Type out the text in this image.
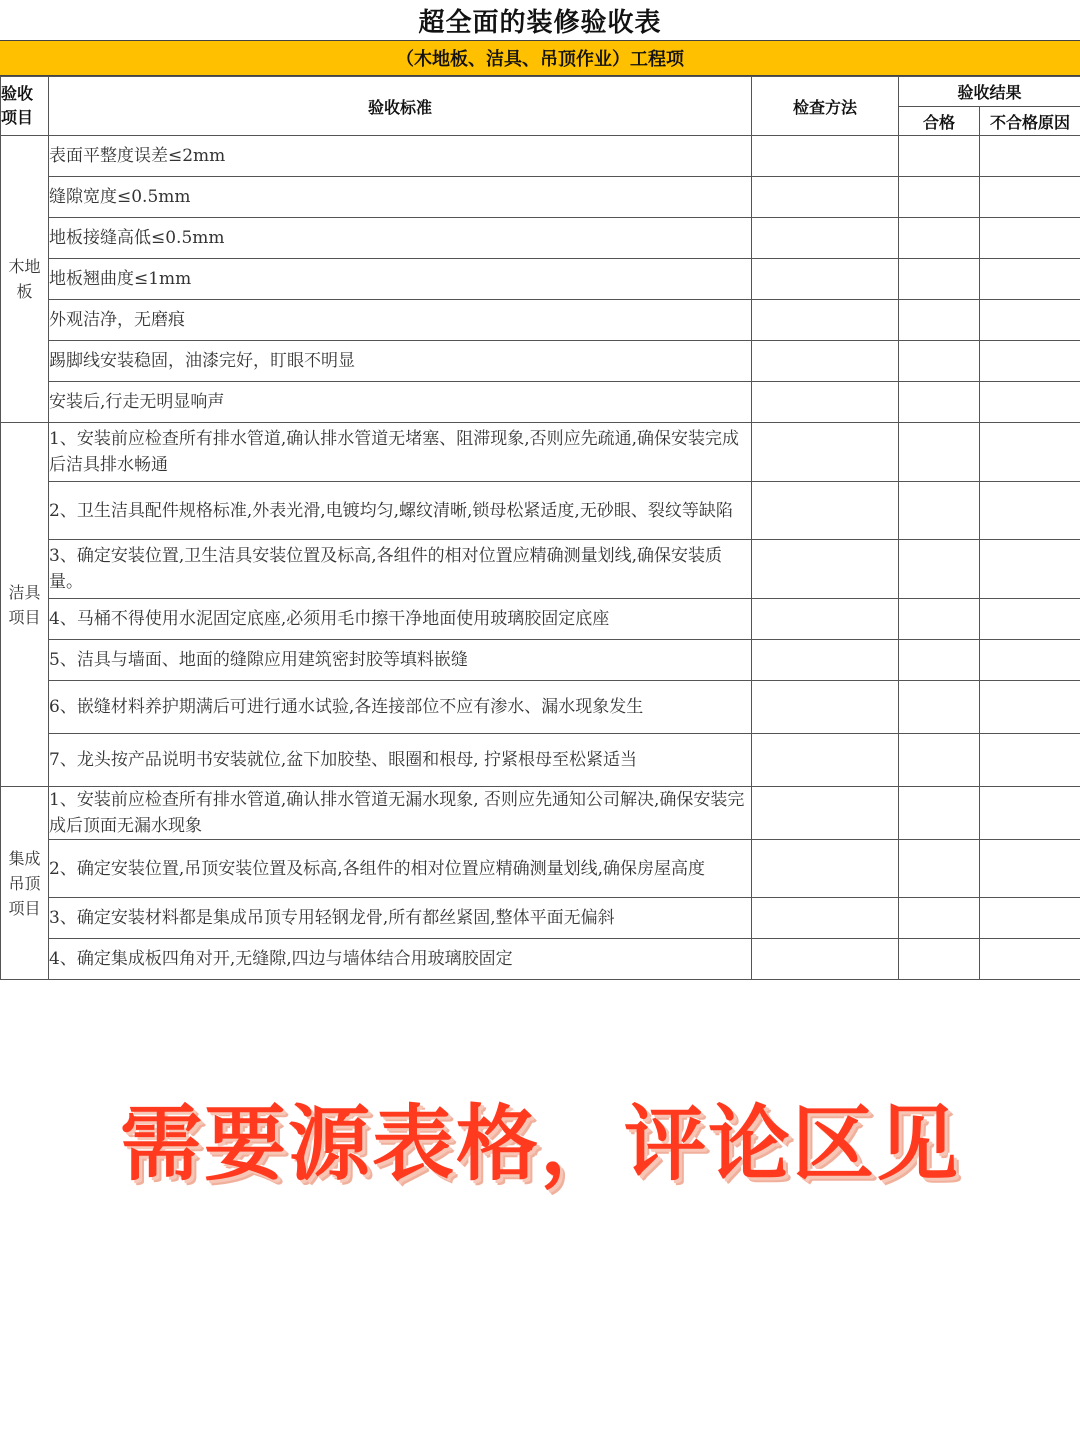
超全面的装修验收表
（木地板、洁具、吊顶作业）工程项
验收项目	验收标准	检查方法	验收结果	
			合格	不合格原因
木地板	表面平整度误差≤2mm			
	缝隙宽度≤0.5mm			
	地板接缝高低≤0.5mm			
	地板翘曲度≤1mm			
	外观洁净，无磨痕			
	踢脚线安装稳固，油漆完好，盯眼不明显			
	安装后,行走无明显响声			
洁具项目	1、安装前应检查所有排水管道,确认排水管道无堵塞、阻滞现象,否则应先疏通,确保安装完成后洁具排水畅通			
	2、卫生洁具配件规格标准,外表光滑,电镀均匀,螺纹清晰,锁母松紧适度,无砂眼、裂纹等缺陷			
	3、确定安装位置,卫生洁具安装位置及标高,各组件的相对位置应精确测量划线,确保安装质量。			
	4、马桶不得使用水泥固定底座,必须用毛巾擦干净地面使用玻璃胶固定底座			
	5、洁具与墙面、地面的缝隙应用建筑密封胶等填料嵌缝			
	6、嵌缝材料养护期满后可进行通水试验,各连接部位不应有渗水、漏水现象发生			
	7、龙头按产品说明书安装就位,盆下加胶垫、眼圈和根母, 拧紧根母至松紧适当			
集成吊顶项目	1、安装前应检查所有排水管道,确认排水管道无漏水现象, 否则应先通知公司解决,确保安装完成后顶面无漏水现象			
	2、确定安装位置,吊顶安装位置及标高,各组件的相对位置应精确测量划线,确保房屋高度			
	3、确定安装材料都是集成吊顶专用轻钢龙骨,所有都丝紧固,整体平面无偏斜			
	4、确定集成板四角对开,无缝隙,四边与墙体结合用玻璃胶固定			
需要源表格，评论区见
